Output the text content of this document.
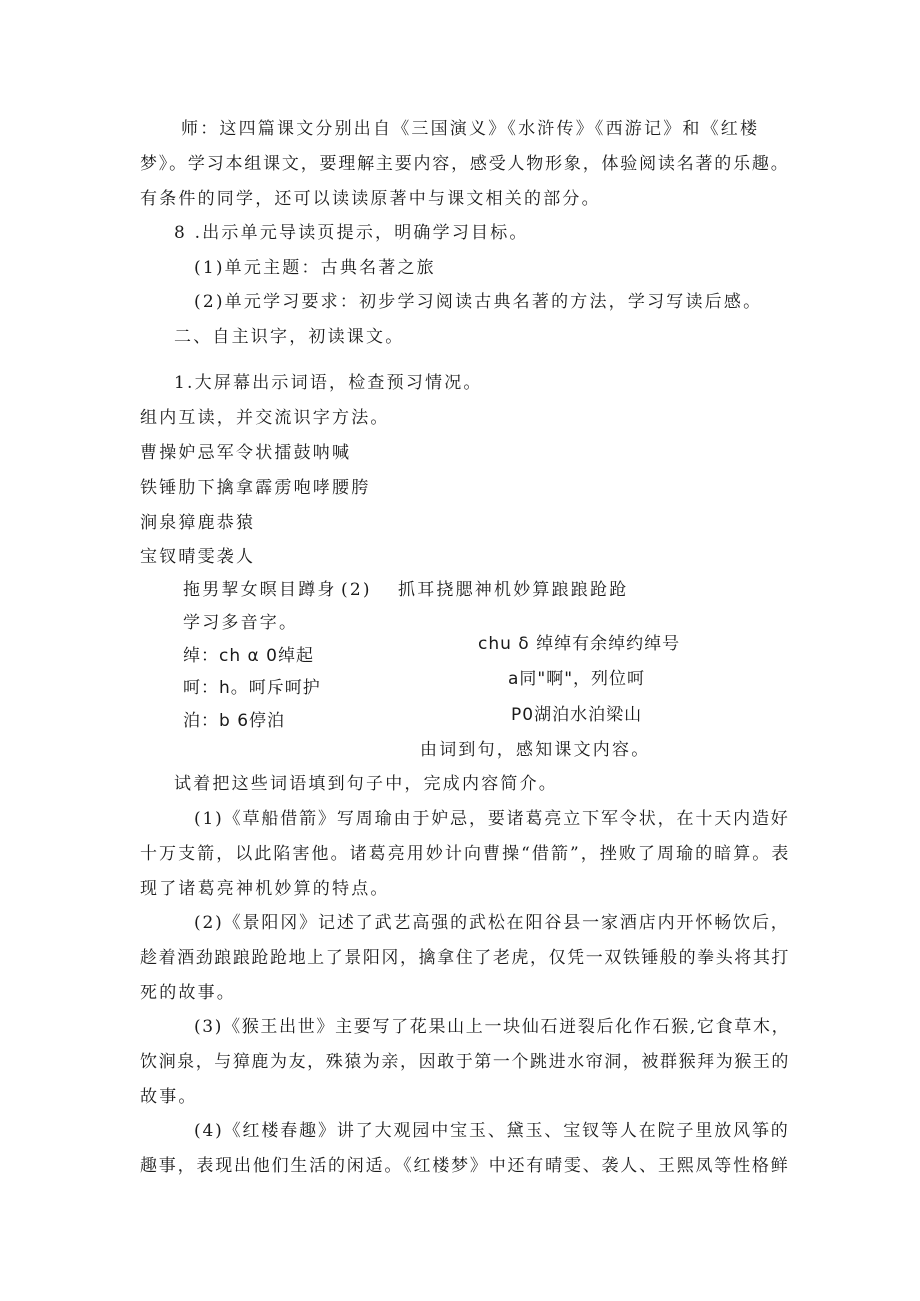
师：这四篇课文分别出自《三国演义》《水浒传》《西游记》和《红楼
梦》。学习本组课文，要理解主要内容，感受人物形象，体验阅读名著的乐趣。
有条件的同学，还可以读读原著中与课文相关的部分。
8 .出示单元导读页提示，明确学习目标。
(1)单元主题：古典名著之旅
(2)单元学习要求：初步学习阅读古典名著的方法，学习写读后感。
二、自主识字，初读课文。
1.大屏幕出示词语，检查预习情况。
组内互读，并交流识字方法。
曹操妒忌军令状擂鼓呐喊
铁锤肋下擒拿霹雳咆哮腰胯
涧泉獐鹿恭猿
宝钗晴雯袭人
拖男挈女暝目蹲身 (2) 抓耳挠腮神机妙算踉踉跄跄
学习多音字。
绰：ch α 0绰起
chu δ 绰绰有余绰约绰号
呵：h。呵斥呵护	a同"啊"，列位呵
泊：b 6停泊	P0湖泊水泊梁山
由词到句，感知课文内容。
试着把这些词语填到句子中，完成内容简介。
(1)《草船借箭》写周瑜由于妒忌，要诸葛亮立下军令状，在十天内造好
十万支箭，以此陷害他。诸葛亮用妙计向曹操“借箭”，挫败了周瑜的暗算。表
现了诸葛亮神机妙算的特点。
(2)《景阳冈》记述了武艺高强的武松在阳谷县一家酒店内开怀畅饮后，
趁着酒劲踉踉跄跄地上了景阳冈，擒拿住了老虎，仅凭一双铁锤般的拳头将其打
死的故事。
(3)《猴王出世》主要写了花果山上一块仙石迸裂后化作石猴,它食草木，
饮涧泉，与獐鹿为友，殊猿为亲，因敢于第一个跳进水帘洞，被群猴拜为猴王的
故事。
(4)《红楼春趣》讲了大观园中宝玉、黛玉、宝钗等人在院子里放风筝的
趣事，表现出他们生活的闲适。《红楼梦》中还有晴雯、袭人、王熙凤等性格鲜
